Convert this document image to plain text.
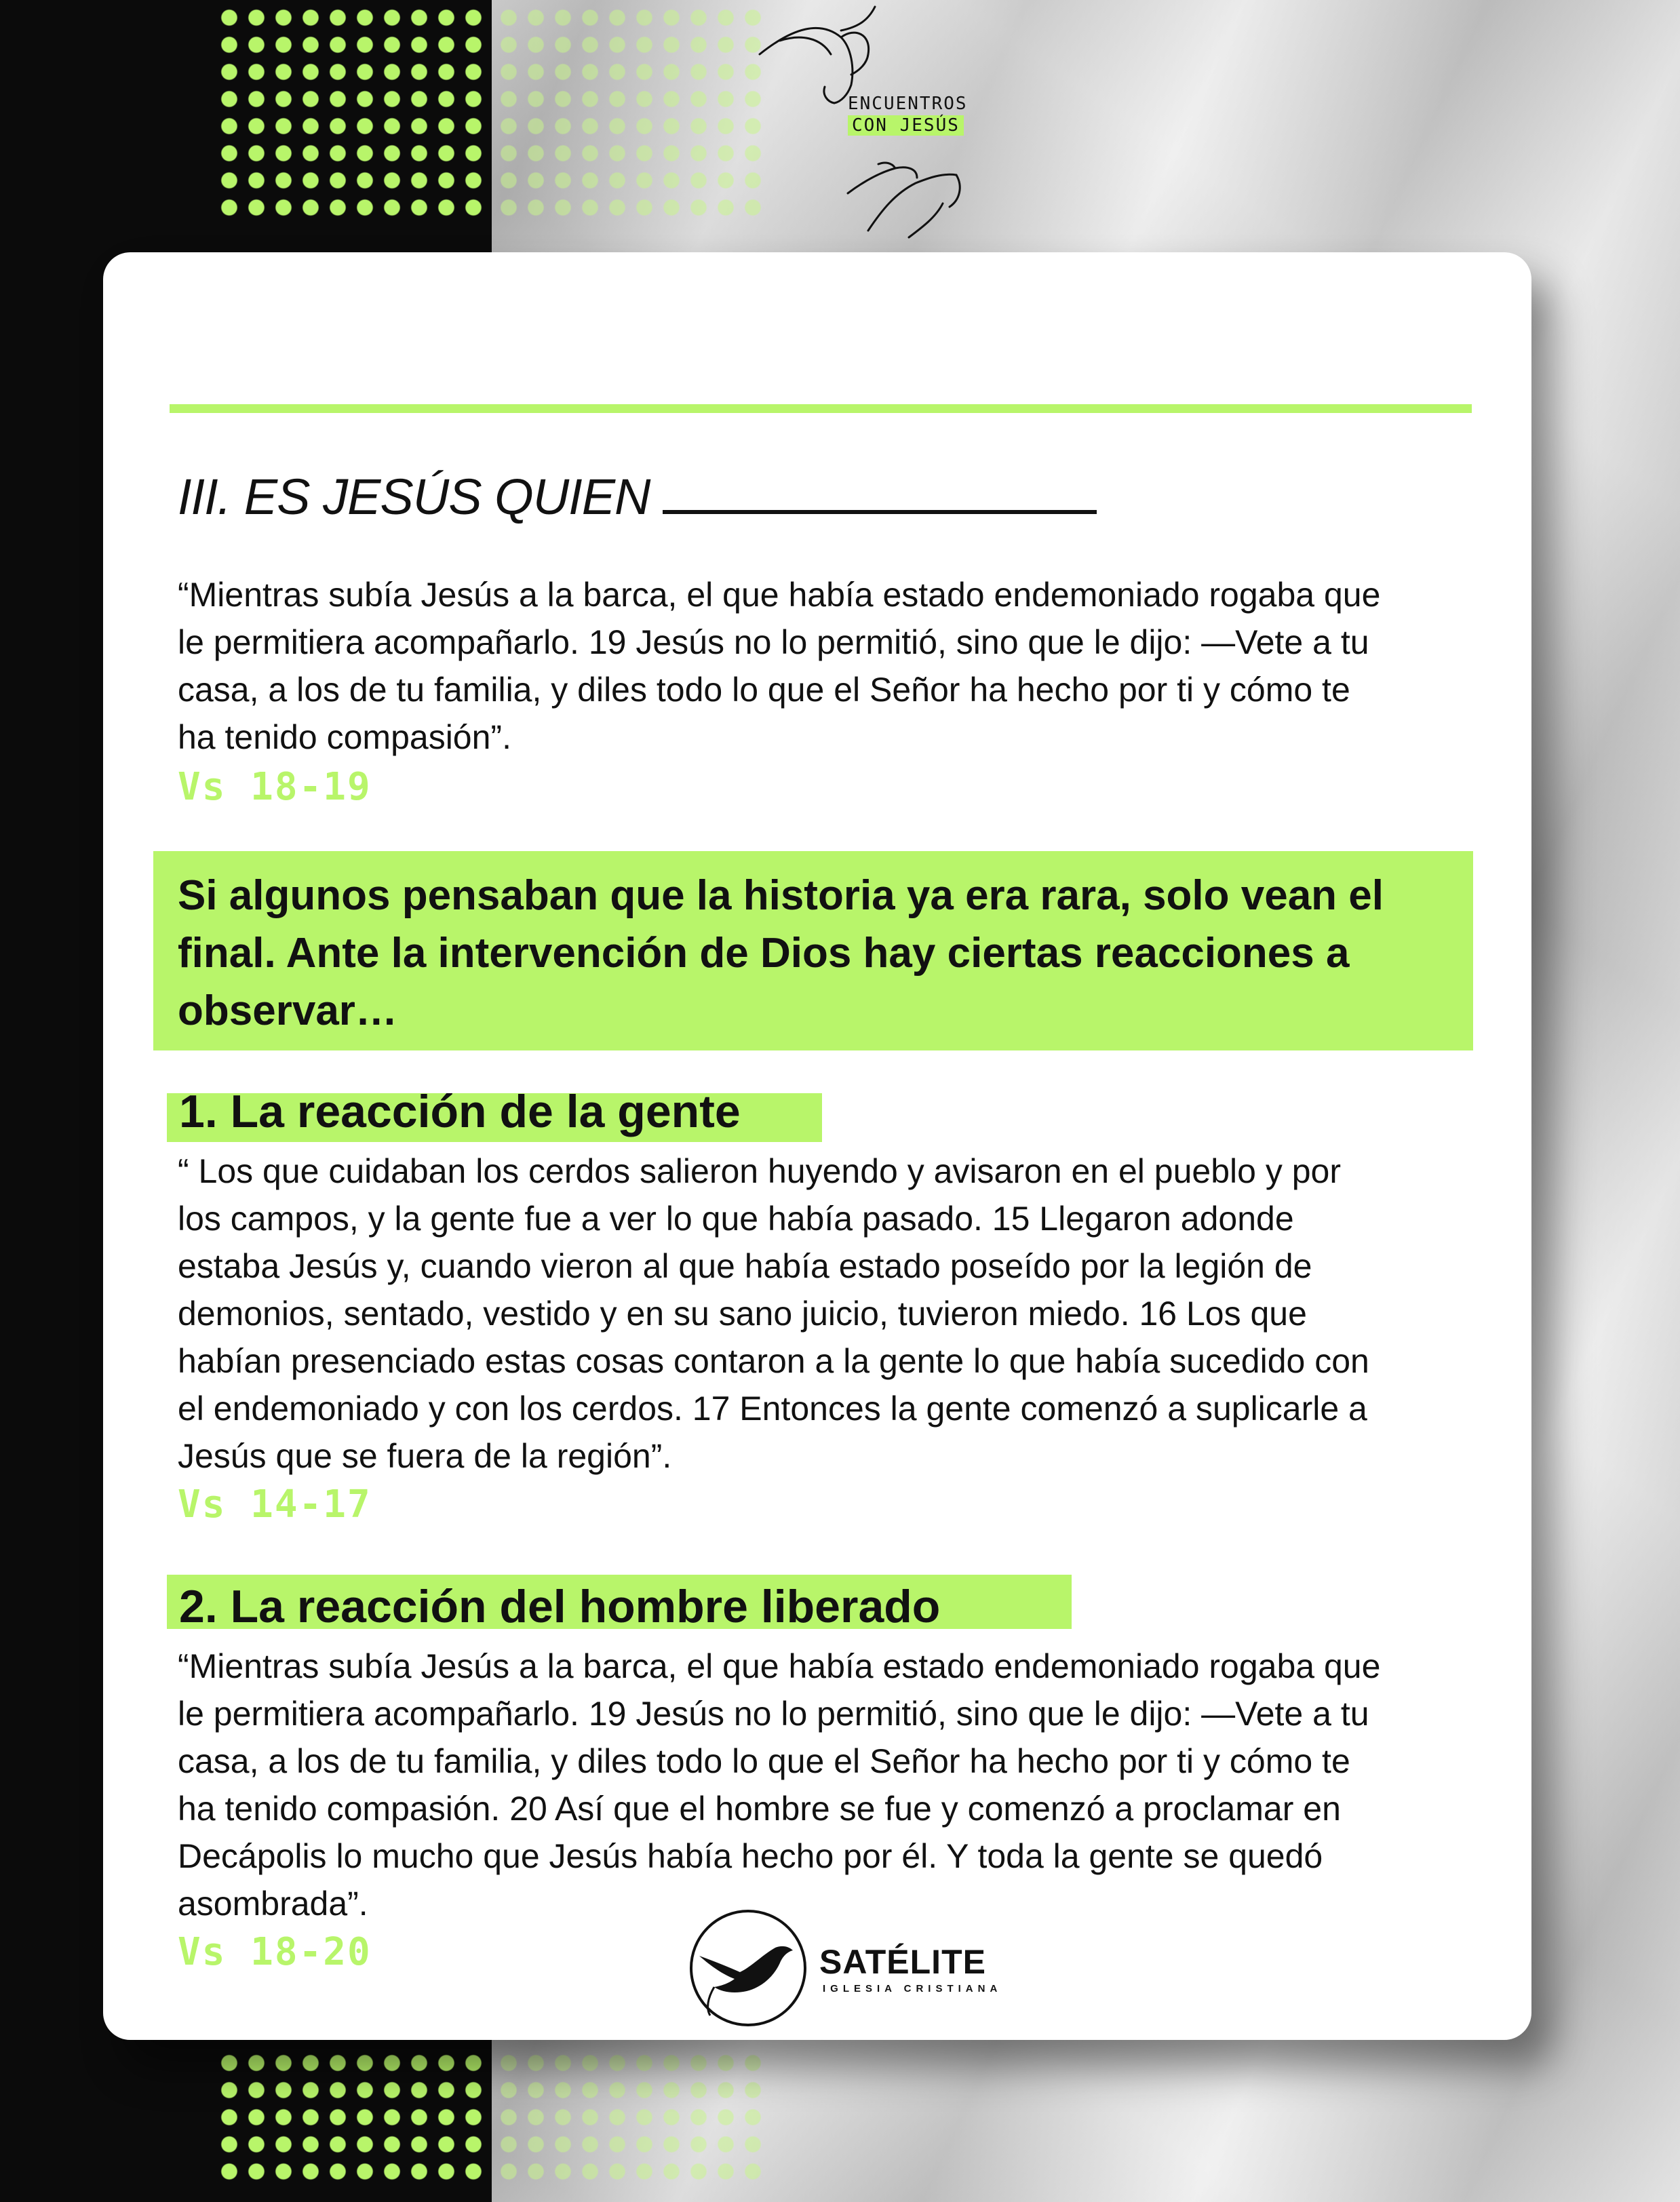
ENCUENTROS
CON JESÚS
III. ES JESÚS QUIEN
“Mientras subía Jesús a la barca, el que había estado endemoniado rogaba que
le permitiera acompañarlo. 19 Jesús no lo permitió, sino que le dijo: —Vete a tu
casa, a los de tu familia, y diles todo lo que el Señor ha hecho por ti y cómo te
ha tenido compasión”.
Vs 18-19
Si algunos pensaban que la historia ya era rara, solo vean el final. Ante la intervención de Dios hay ciertas reacciones a observar…
1. La reacción de la gente
“ Los que cuidaban los cerdos salieron huyendo y avisaron en el pueblo y por
los campos, y la gente fue a ver lo que había pasado. 15 Llegaron adonde
estaba Jesús y, cuando vieron al que había estado poseído por la legión de
demonios, sentado, vestido y en su sano juicio, tuvieron miedo. 16 Los que
habían presenciado estas cosas contaron a la gente lo que había sucedido con
el endemoniado y con los cerdos. 17 Entonces la gente comenzó a suplicarle a
Jesús que se fuera de la región”.
Vs 14-17
2. La reacción del hombre liberado
“Mientras subía Jesús a la barca, el que había estado endemoniado rogaba que
le permitiera acompañarlo. 19 Jesús no lo permitió, sino que le dijo: —Vete a tu
casa, a los de tu familia, y diles todo lo que el Señor ha hecho por ti y cómo te
ha tenido compasión. 20 Así que el hombre se fue y comenzó a proclamar en
Decápolis lo mucho que Jesús había hecho por él. Y toda la gente se quedó
asombrada”.
Vs 18-20	SATÉLITE
IGLESIA CRISTIANA
